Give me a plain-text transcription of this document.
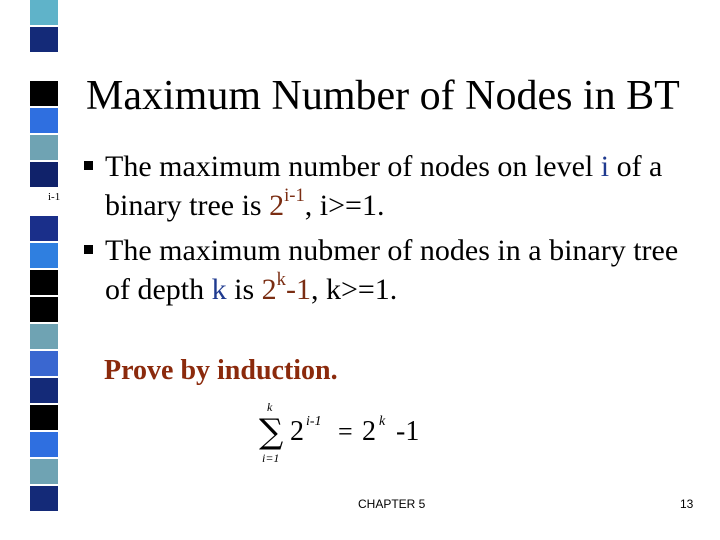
Maximum Number of Nodes in BT
i-1
The maximum number of nodes on level i of a
binary tree is 2$^{i-1}$, i>=1.
The maximum nubmer of nodes in a binary tree
of depth k is 2$^k$-1, k>=1.
Prove by induction.
k
∑
i=1
2 i-1 = 2 k -1
CHAPTER 5	13
